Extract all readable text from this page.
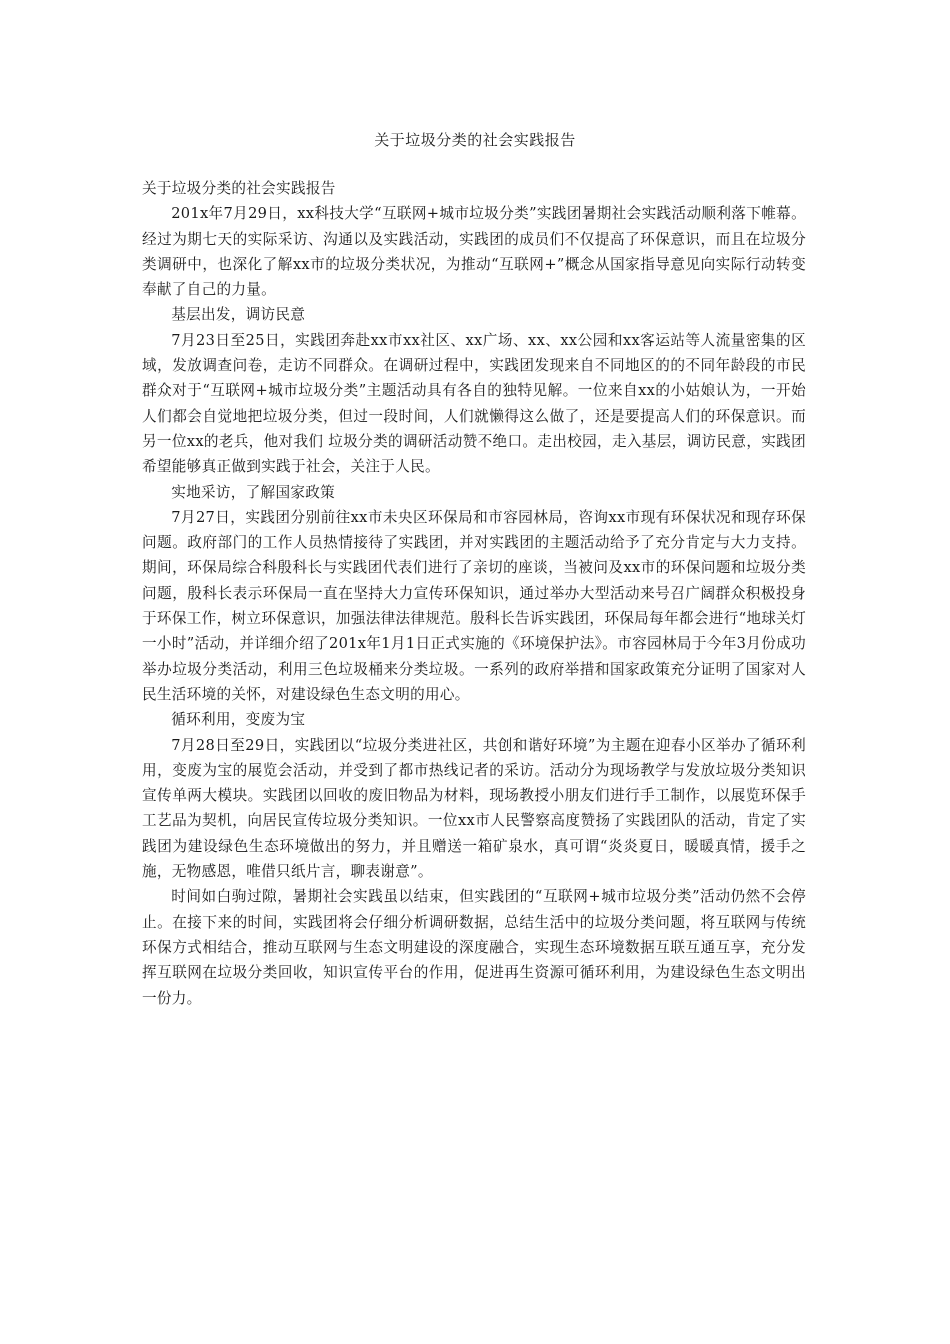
关于垃圾分类的社会实践报告

关于垃圾分类的社会实践报告

201x年7月29日，xx科技大学“互联网+城市垃圾分类”实践团暑期社会实践活动顺利落下帷幕。经过为期七天的实际采访、沟通以及实践活动，实践团的成员们不仅提高了环保意识，而且在垃圾分类调研中，也深化了解xx市的垃圾分类状况，为推动“互联网+”概念从国家指导意见向实际行动转变奉献了自己的力量。

基层出发，调访民意

7月23日至25日，实践团奔赴xx市xx社区、xx广场、xx、xx公园和xx客运站等人流量密集的区域，发放调查问卷，走访不同群众。在调研过程中，实践团发现来自不同地区的的不同年龄段的市民群众对于“互联网+城市垃圾分类”主题活动具有各自的独特见解。一位来自xx的小姑娘认为，一开始人们都会自觉地把垃圾分类，但过一段时间，人们就懒得这么做了，还是要提高人们的环保意识。而另一位xx的老兵，他对我们 垃圾分类的调研活动赞不绝口。走出校园，走入基层，调访民意，实践团希望能够真正做到实践于社会，关注于人民。

实地采访，了解国家政策

7月27日，实践团分别前往xx市未央区环保局和市容园林局，咨询xx市现有环保状况和现存环保问题。政府部门的工作人员热情接待了实践团，并对实践团的主题活动给予了充分肯定与大力支持。期间，环保局综合科殷科长与实践团代表们进行了亲切的座谈，当被问及xx市的环保问题和垃圾分类问题，殷科长表示环保局一直在坚持大力宣传环保知识，通过举办大型活动来号召广阔群众积极投身于环保工作，树立环保意识，加强法律法律规范。殷科长告诉实践团，环保局每年都会进行“地球关灯一小时”活动，并详细介绍了201x年1月1日正式实施的《环境保护法》。市容园林局于今年3月份成功举办垃圾分类活动，利用三色垃圾桶来分类垃圾。一系列的政府举措和国家政策充分证明了国家对人民生活环境的关怀，对建设绿色生态文明的用心。

循环利用，变废为宝

7月28日至29日，实践团以“垃圾分类进社区，共创和谐好环境”为主题在迎春小区举办了循环利用，变废为宝的展览会活动，并受到了都市热线记者的采访。活动分为现场教学与发放垃圾分类知识宣传单两大模块。实践团以回收的废旧物品为材料，现场教授小朋友们进行手工制作，以展览环保手工艺品为契机，向居民宣传垃圾分类知识。一位xx市人民警察高度赞扬了实践团队的活动，肯定了实践团为建设绿色生态环境做出的努力，并且赠送一箱矿泉水，真可谓“炎炎夏日，暖暖真情，援手之施，无物感恩，唯借只纸片言，聊表谢意”。

时间如白驹过隙，暑期社会实践虽以结束，但实践团的“互联网+城市垃圾分类”活动仍然不会停止。在接下来的时间，实践团将会仔细分析调研数据，总结生活中的垃圾分类问题，将互联网与传统环保方式相结合，推动互联网与生态文明建设的深度融合，实现生态环境数据互联互通互享，充分发挥互联网在垃圾分类回收，知识宣传平台的作用，促进再生资源可循环利用，为建设绿色生态文明出一份力。
